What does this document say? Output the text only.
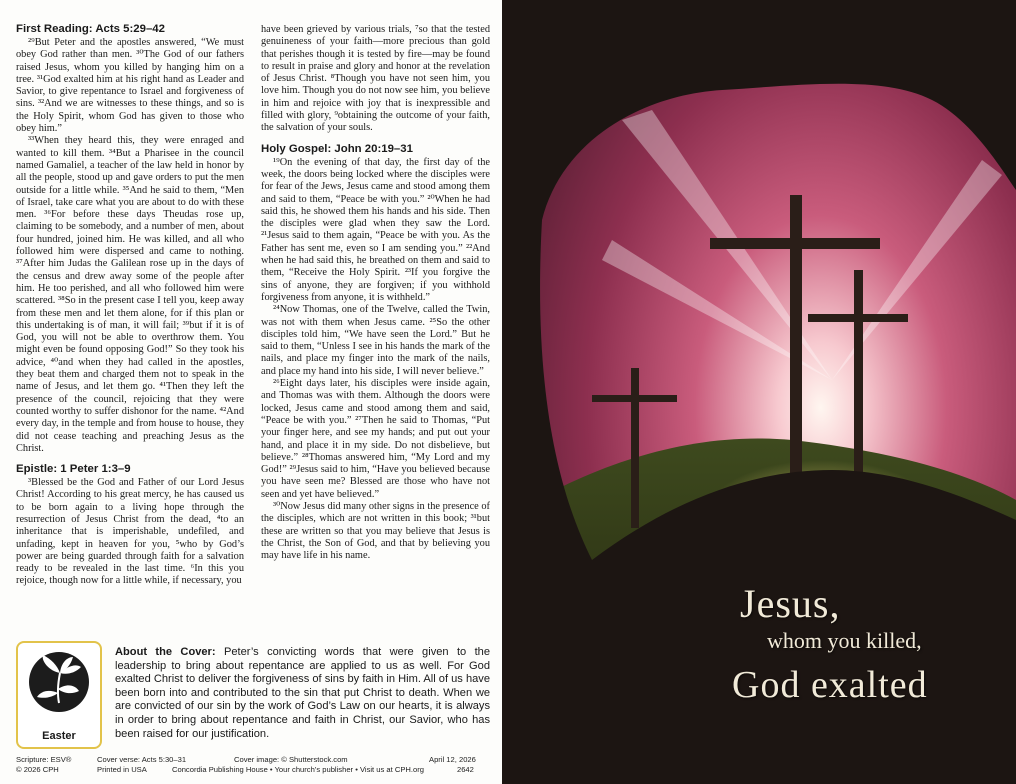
First Reading: Acts 5:29–42

²⁹But Peter and the apostles answered, “We must obey God rather than men. ³⁰The God of our fathers raised Jesus, whom you killed by hanging him on a tree. ³¹God exalted him at his right hand as Leader and Savior, to give repentance to Israel and forgiveness of sins. ³²And we are witnesses to these things, and so is the Holy Spirit, whom God has given to those who obey him.”

³³When they heard this, they were enraged and wanted to kill them. ³⁴But a Pharisee in the council named Gamaliel, a teacher of the law held in honor by all the people, stood up and gave orders to put the men outside for a little while. ³⁵And he said to them, “Men of Israel, take care what you are about to do with these men. ³⁶For before these days Theudas rose up, claiming to be somebody, and a number of men, about four hundred, joined him. He was killed, and all who followed him were dispersed and came to nothing. ³⁷After him Judas the Galilean rose up in the days of the census and drew away some of the people after him. He too perished, and all who followed him were scattered. ³⁸So in the present case I tell you, keep away from these men and let them alone, for if this plan or this undertaking is of man, it will fail; ³⁹but if it is of God, you will not be able to overthrow them. You might even be found opposing God!” So they took his advice, ⁴⁰and when they had called in the apostles, they beat them and charged them not to speak in the name of Jesus, and let them go. ⁴¹Then they left the presence of the council, rejoicing that they were counted worthy to suffer dishonor for the name. ⁴²And every day, in the temple and from house to house, they did not cease teaching and preaching Jesus as the Christ.

Epistle: 1 Peter 1:3–9

³Blessed be the God and Father of our Lord Jesus Christ! According to his great mercy, he has caused us to be born again to a living hope through the resurrection of Jesus Christ from the dead, ⁴to an inheritance that is imperishable, undefiled, and unfading, kept in heaven for you, ⁵who by God’s power are being guarded through faith for a salvation ready to be revealed in the last time. ⁶In this you rejoice, though now for a little while, if necessary, you

have been grieved by various trials, ⁷so that the tested genuineness of your faith—more precious than gold that perishes though it is tested by fire—may be found to result in praise and glory and honor at the revelation of Jesus Christ. ⁸Though you have not seen him, you love him. Though you do not now see him, you believe in him and rejoice with joy that is inexpressible and filled with glory, ⁹obtaining the outcome of your faith, the salvation of your souls.

Holy Gospel: John 20:19–31

¹⁹On the evening of that day, the first day of the week, the doors being locked where the disciples were for fear of the Jews, Jesus came and stood among them and said to them, “Peace be with you.” ²⁰When he had said this, he showed them his hands and his side. Then the disciples were glad when they saw the Lord. ²¹Jesus said to them again, “Peace be with you. As the Father has sent me, even so I am sending you.” ²²And when he had said this, he breathed on them and said to them, “Receive the Holy Spirit. ²³If you forgive the sins of anyone, they are forgiven; if you withhold forgiveness from anyone, it is withheld.”

²⁴Now Thomas, one of the Twelve, called the Twin, was not with them when Jesus came. ²⁵So the other disciples told him, “We have seen the Lord.” But he said to them, “Unless I see in his hands the mark of the nails, and place my finger into the mark of the nails, and place my hand into his side, I will never believe.”

²⁶Eight days later, his disciples were inside again, and Thomas was with them. Although the doors were locked, Jesus came and stood among them and said, “Peace be with you.” ²⁷Then he said to Thomas, “Put your finger here, and see my hands; and put out your hand, and place it in my side. Do not disbelieve, but believe.” ²⁸Thomas answered him, “My Lord and my God!” ²⁹Jesus said to him, “Have you believed because you have seen me? Blessed are those who have not seen and yet have believed.”

³⁰Now Jesus did many other signs in the presence of the disciples, which are not written in this book; ³¹but these are written so that you may believe that Jesus is the Christ, the Son of God, and that by believing you may have life in his name.

Easter
About the Cover: Peter’s convicting words that were given to the leadership to bring about repentance are applied to us as well. For God exalted Christ to deliver the forgiveness of sins by faith in Him. All of us have been born into and contributed to the sin that put Christ to death. When we are convicted of our sin by the work of God’s Law on our hearts, it is always in order to bring about repentance and faith in Christ, our Savior, who has been raised for our justification.
Scripture: ESV®
© 2026 CPH
Cover verse: Acts 5:30–31
Printed in USA
Cover image: © Shutterstock.com
Concordia Publishing House • Your church’s publisher • Visit us at CPH.org
April 12, 2026
2642
Jesus,
whom you killed,
God exalted
